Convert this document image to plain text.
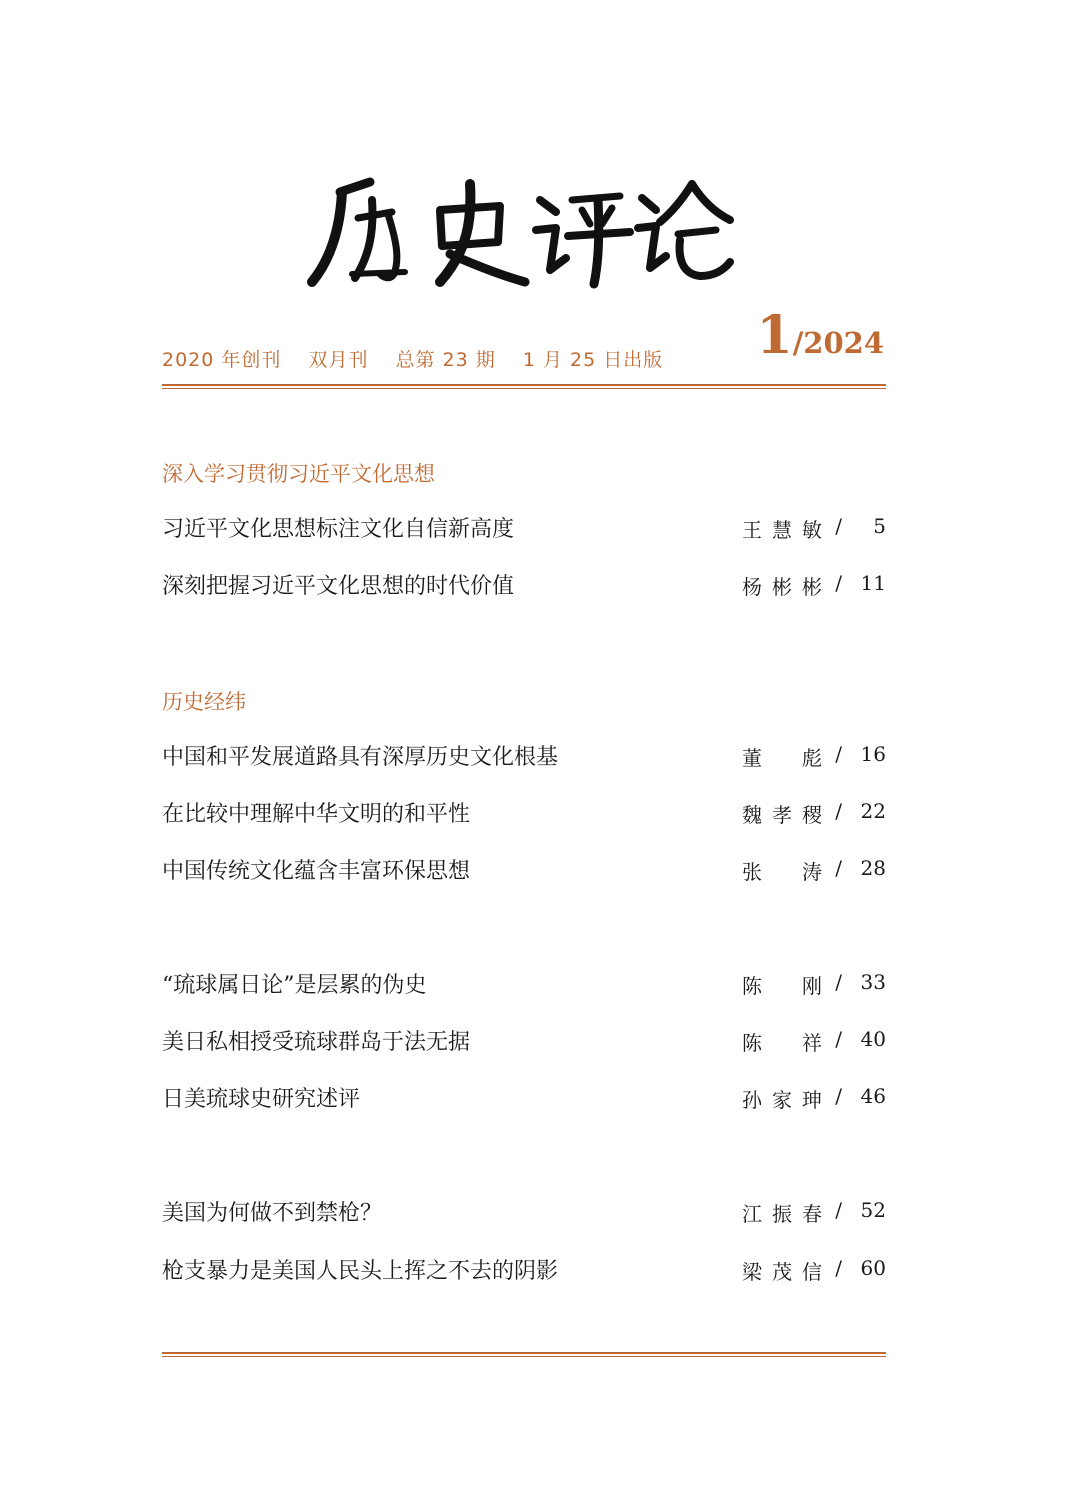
2020 年创刊 双月刊 总第 23 期 1 月 25 日出版	1/2024
深入学习贯彻习近平文化思想
习近平文化思想标注文化自信新高度	王慧敏 /	5
深刻把握习近平文化思想的时代价值	杨彬彬 / 11
历史经纬
中国和平发展道路具有深厚历史文化根基	董彪 / 16
在比较中理解中华文明的和平性	魏孝稷 / 22
中国传统文化蕴含丰富环保思想	张涛 / 28
“琉球属日论”是层累的伪史	陈刚 / 33
美日私相授受琉球群岛于法无据	陈祥 / 40
日美琉球史研究述评	孙家珅 / 46
美国为何做不到禁枪？	江振春 / 52
枪支暴力是美国人民头上挥之不去的阴影	梁茂信 / 60
